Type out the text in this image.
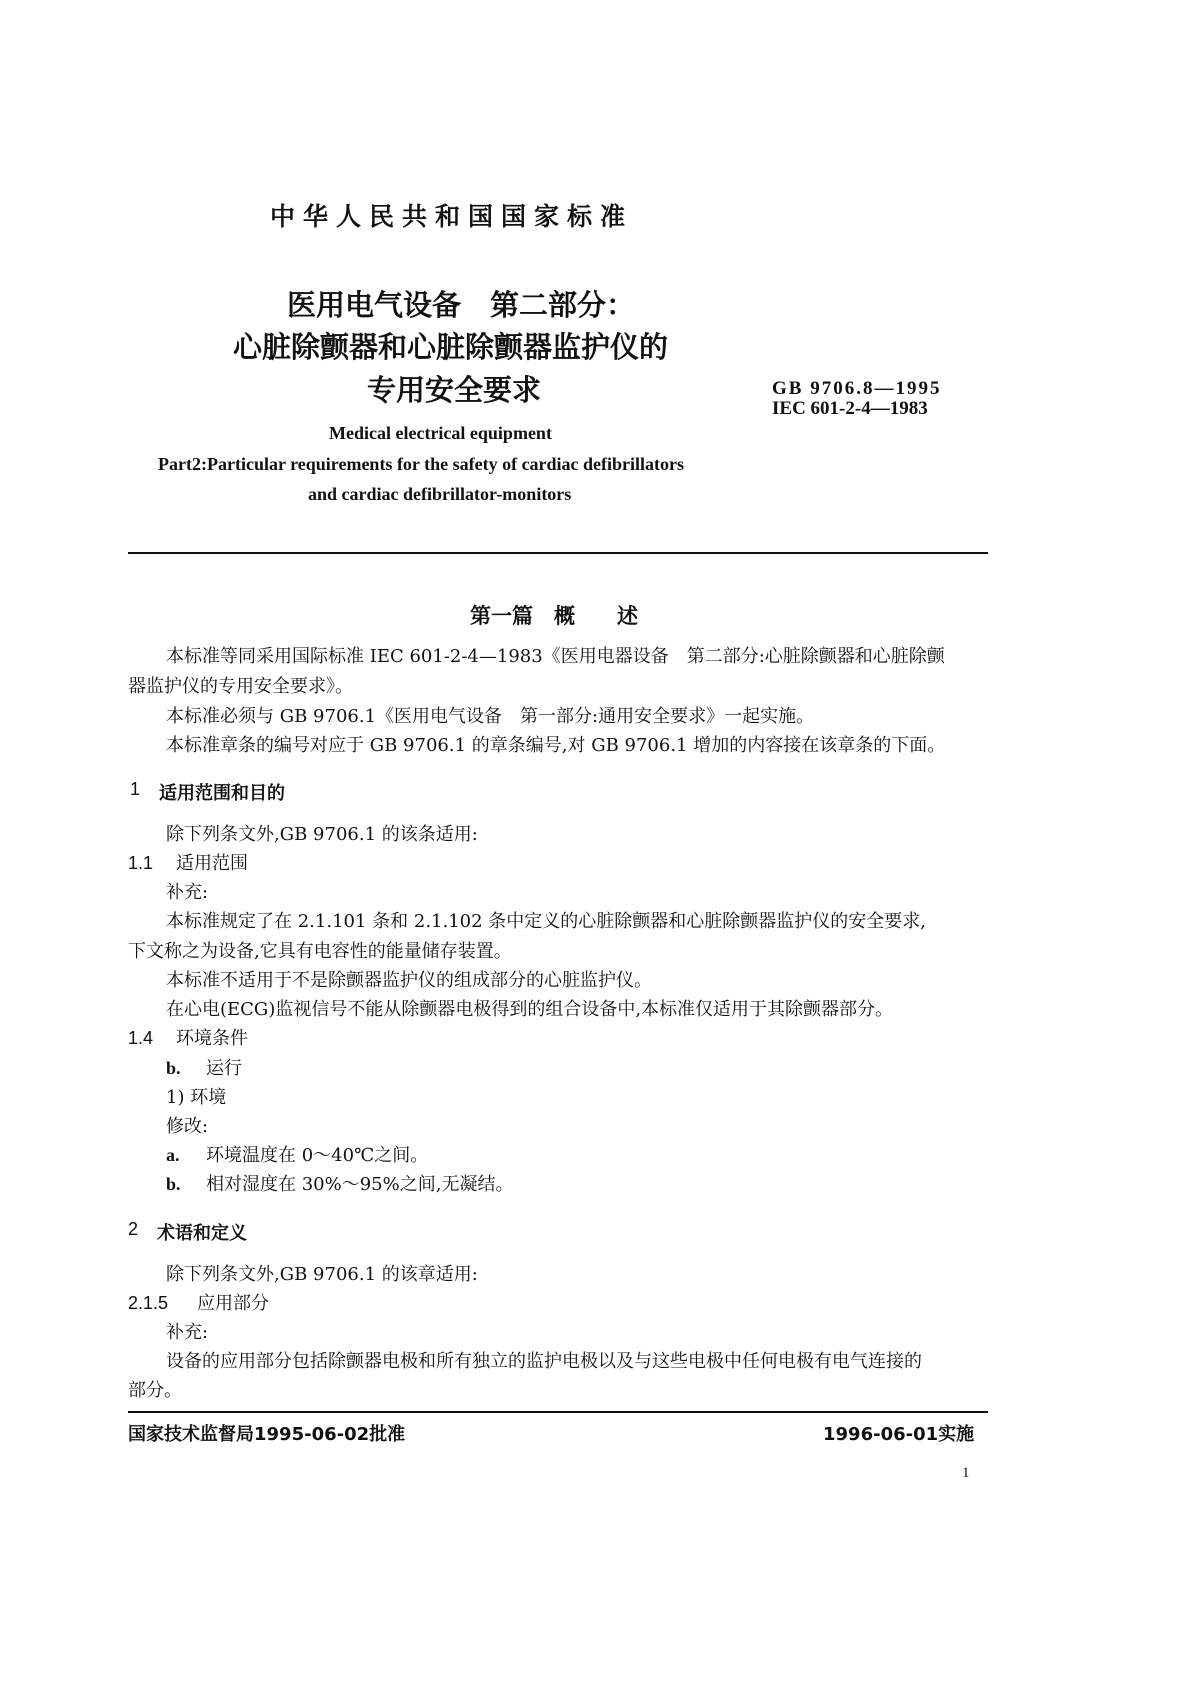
中华人民共和国国家标准
医用电气设备　第二部分：
心脏除颤器和心脏除颤器监护仪的
专用安全要求	GB 9706.8—1995
IEC 601-2-4—1983
Medical electrical equipment
Part2:Particular requirements for the safety of cardiac defibrillators
and cardiac defibrillator-monitors
第一篇　概　　述
本标准等同采用国际标准 IEC 601-2-4—1983《医用电器设备　第二部分:心脏除颤器和心脏除颤
器监护仪的专用安全要求》。
本标准必须与 GB 9706.1《医用电气设备　第一部分:通用安全要求》一起实施。
本标准章条的编号对应于 GB 9706.1 的章条编号,对 GB 9706.1 增加的内容接在该章条的下面。
1 适用范围和目的
除下列条文外,GB 9706.1 的该条适用:
1.1 适用范围
补充:
本标准规定了在 2.1.101 条和 2.1.102 条中定义的心脏除颤器和心脏除颤器监护仪的安全要求,
下文称之为设备,它具有电容性的能量储存装置。
本标准不适用于不是除颤器监护仪的组成部分的心脏监护仪。
在心电(ECG)监视信号不能从除颤器电极得到的组合设备中,本标准仅适用于其除颤器部分。
1.4 环境条件
b. 运行
1) 环境
修改:
a. 环境温度在 0～40℃之间。
b. 相对湿度在 30%～95%之间,无凝结。
2 术语和定义
除下列条文外,GB 9706.1 的该章适用:
2.1.5 应用部分
补充:
设备的应用部分包括除颤器电极和所有独立的监护电极以及与这些电极中任何电极有电气连接的
部分。
国家技术监督局1995-06-02批准	1996-06-01实施
1
